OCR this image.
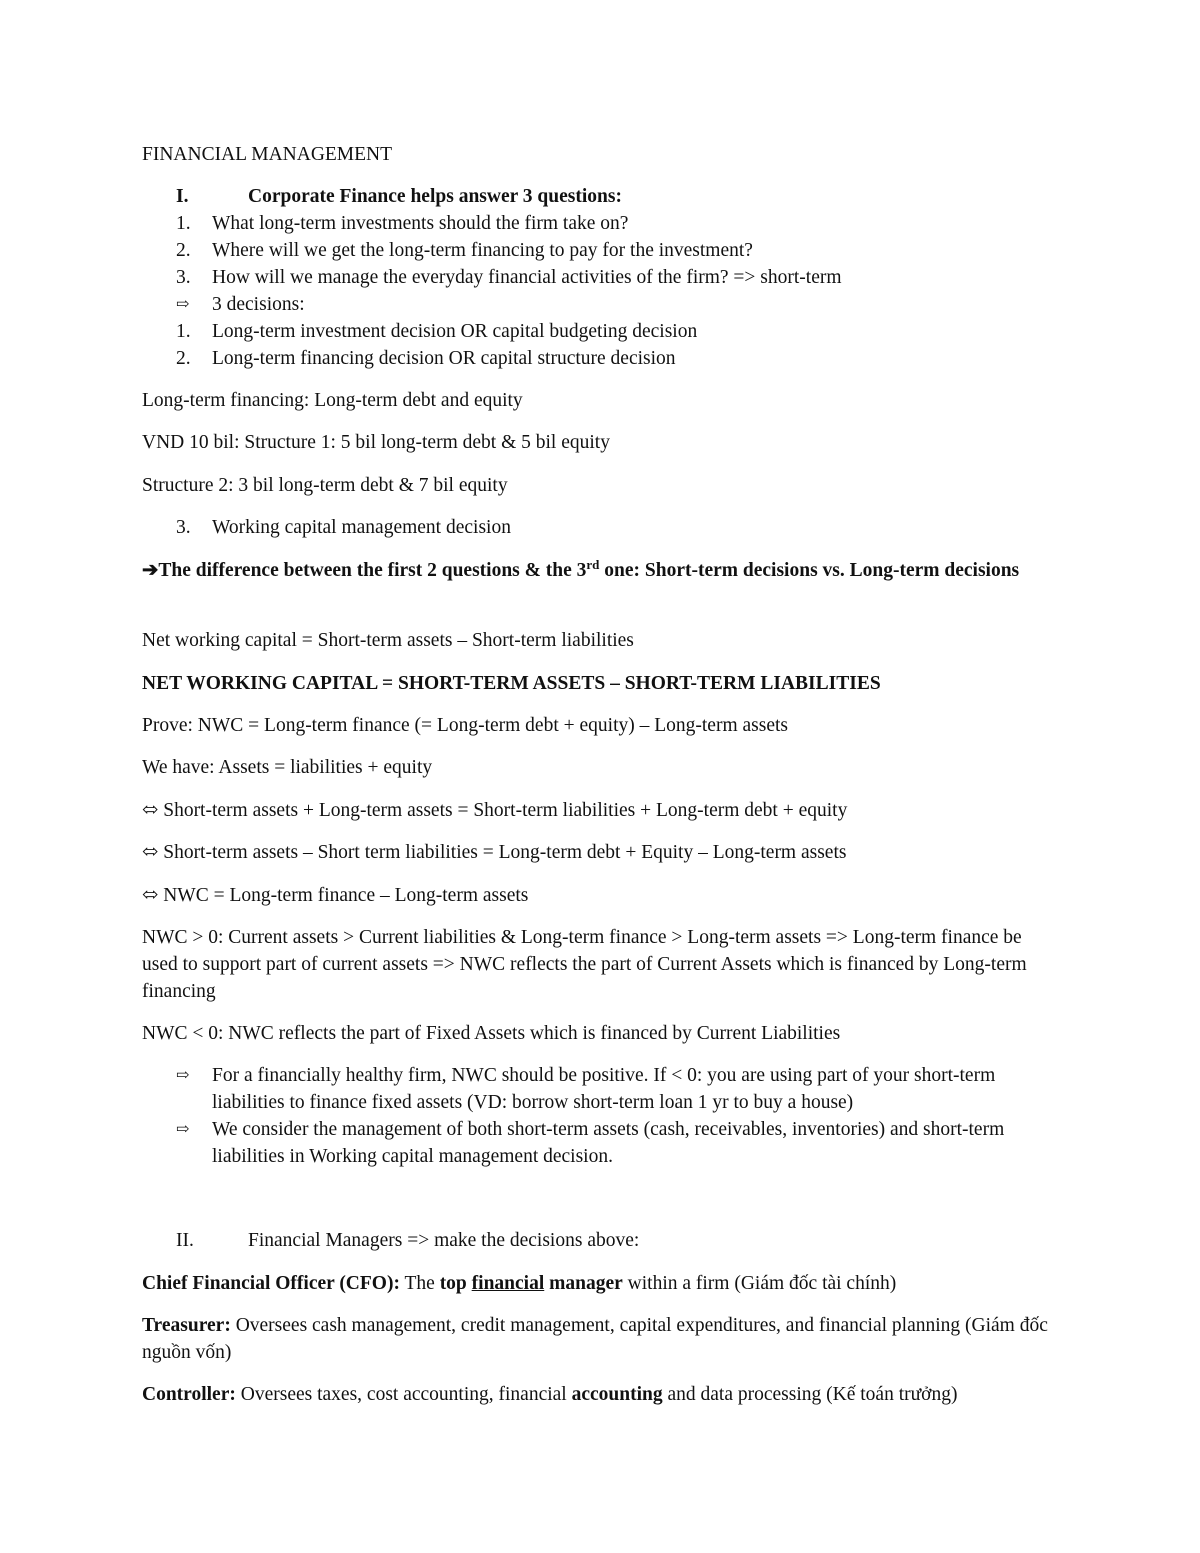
FINANCIAL MANAGEMENT
I.	Corporate Finance helps answer 3 questions:
1. What long-term investments should the firm take on?
2. Where will we get the long-term financing to pay for the investment?
3. How will we manage the everyday financial activities of the firm? => short-term
⇨ 3 decisions:
1. Long-term investment decision OR capital budgeting decision
2. Long-term financing decision OR capital structure decision
Long-term financing: Long-term debt and equity
VND 10 bil: Structure 1: 5 bil long-term debt & 5 bil equity
Structure 2: 3 bil long-term debt & 7 bil equity
3. Working capital management decision
➔The difference between the first 2 questions & the 3rd one: Short-term decisions vs. Long-term decisions
Net working capital = Short-term assets – Short-term liabilities
NET WORKING CAPITAL = SHORT-TERM ASSETS – SHORT-TERM LIABILITIES
Prove: NWC = Long-term finance (= Long-term debt + equity) – Long-term assets
We have: Assets = liabilities + equity
⬄ Short-term assets + Long-term assets = Short-term liabilities + Long-term debt + equity
⬄ Short-term assets – Short term liabilities = Long-term debt + Equity – Long-term assets
⬄ NWC = Long-term finance – Long-term assets
NWC > 0: Current assets > Current liabilities & Long-term finance > Long-term assets => Long-term finance be used to support part of current assets => NWC reflects the part of Current Assets which is financed by Long-term financing
NWC < 0: NWC reflects the part of Fixed Assets which is financed by Current Liabilities
⇨ For a financially healthy firm, NWC should be positive. If < 0: you are using part of your short-term liabilities to finance fixed assets (VD: borrow short-term loan 1 yr to buy a house)
⇨ We consider the management of both short-term assets (cash, receivables, inventories) and short-term liabilities in Working capital management decision.
II.	Financial Managers => make the decisions above:
Chief Financial Officer (CFO): The top financial manager within a firm (Giám đốc tài chính)
Treasurer: Oversees cash management, credit management, capital expenditures, and financial planning (Giám đốc nguồn vốn)
Controller: Oversees taxes, cost accounting, financial accounting and data processing (Kế toán trưởng)
